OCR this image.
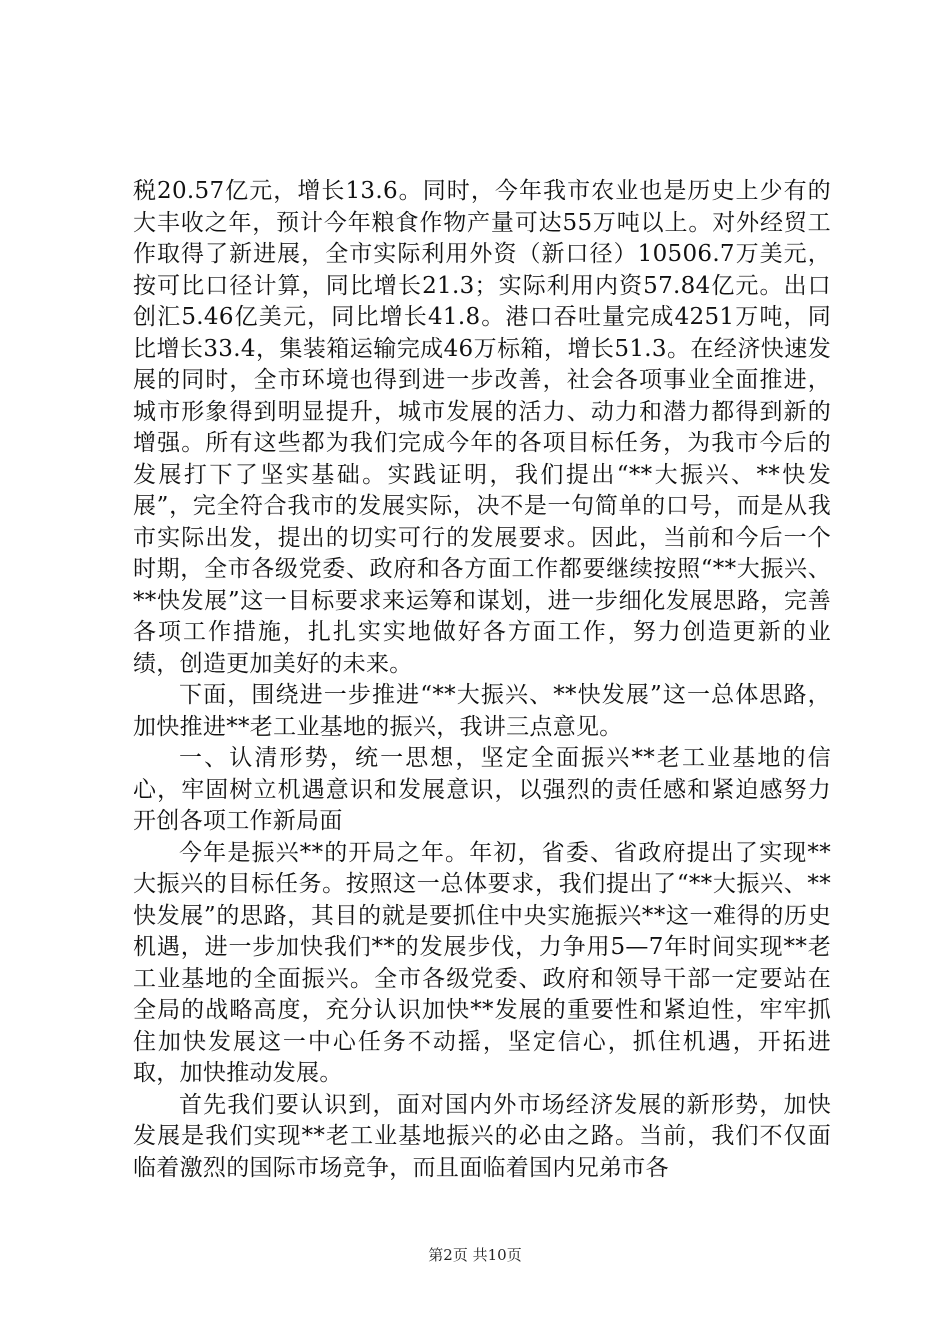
税20.57亿元，增长13.6。同时，今年我市农业也是历史上少有的大丰收之年，预计今年粮食作物产量可达55万吨以上。对外经贸工作取得了新进展，全市实际利用外资（新口径）10506.7万美元，按可比口径计算，同比增长21.3；实际利用内资57.84亿元。出口创汇5.46亿美元，同比增长41.8。港口吞吐量完成4251万吨，同比增长33.4，集装箱运输完成46万标箱，增长51.3。在经济快速发展的同时，全市环境也得到进一步改善，社会各项事业全面推进，城市形象得到明显提升，城市发展的活力、动力和潜力都得到新的增强。所有这些都为我们完成今年的各项目标任务，为我市今后的发展打下了坚实基础。实践证明，我们提出“**大振兴、**快发展”，完全符合我市的发展实际，决不是一句简单的口号，而是从我市实际出发，提出的切实可行的发展要求。因此，当前和今后一个时期，全市各级党委、政府和各方面工作都要继续按照“**大振兴、**快发展”这一目标要求来运筹和谋划，进一步细化发展思路，完善各项工作措施，扎扎实实地做好各方面工作，努力创造更新的业绩，创造更加美好的未来。

下面，围绕进一步推进“**大振兴、**快发展”这一总体思路，加快推进**老工业基地的振兴，我讲三点意见。

一、认清形势，统一思想，坚定全面振兴**老工业基地的信心，牢固树立机遇意识和发展意识，以强烈的责任感和紧迫感努力开创各项工作新局面

今年是振兴**的开局之年。年初，省委、省政府提出了实现**大振兴的目标任务。按照这一总体要求，我们提出了“**大振兴、**快发展”的思路，其目的就是要抓住中央实施振兴**这一难得的历史机遇，进一步加快我们**的发展步伐，力争用5—7年时间实现**老工业基地的全面振兴。全市各级党委、政府和领导干部一定要站在全局的战略高度，充分认识加快**发展的重要性和紧迫性，牢牢抓住加快发展这一中心任务不动摇，坚定信心，抓住机遇，开拓进取，加快推动发展。

首先我们要认识到，面对国内外市场经济发展的新形势，加快发展是我们实现**老工业基地振兴的必由之路。当前，我们不仅面临着激烈的国际市场竞争，而且面临着国内兄弟市各

第2页 共10页
